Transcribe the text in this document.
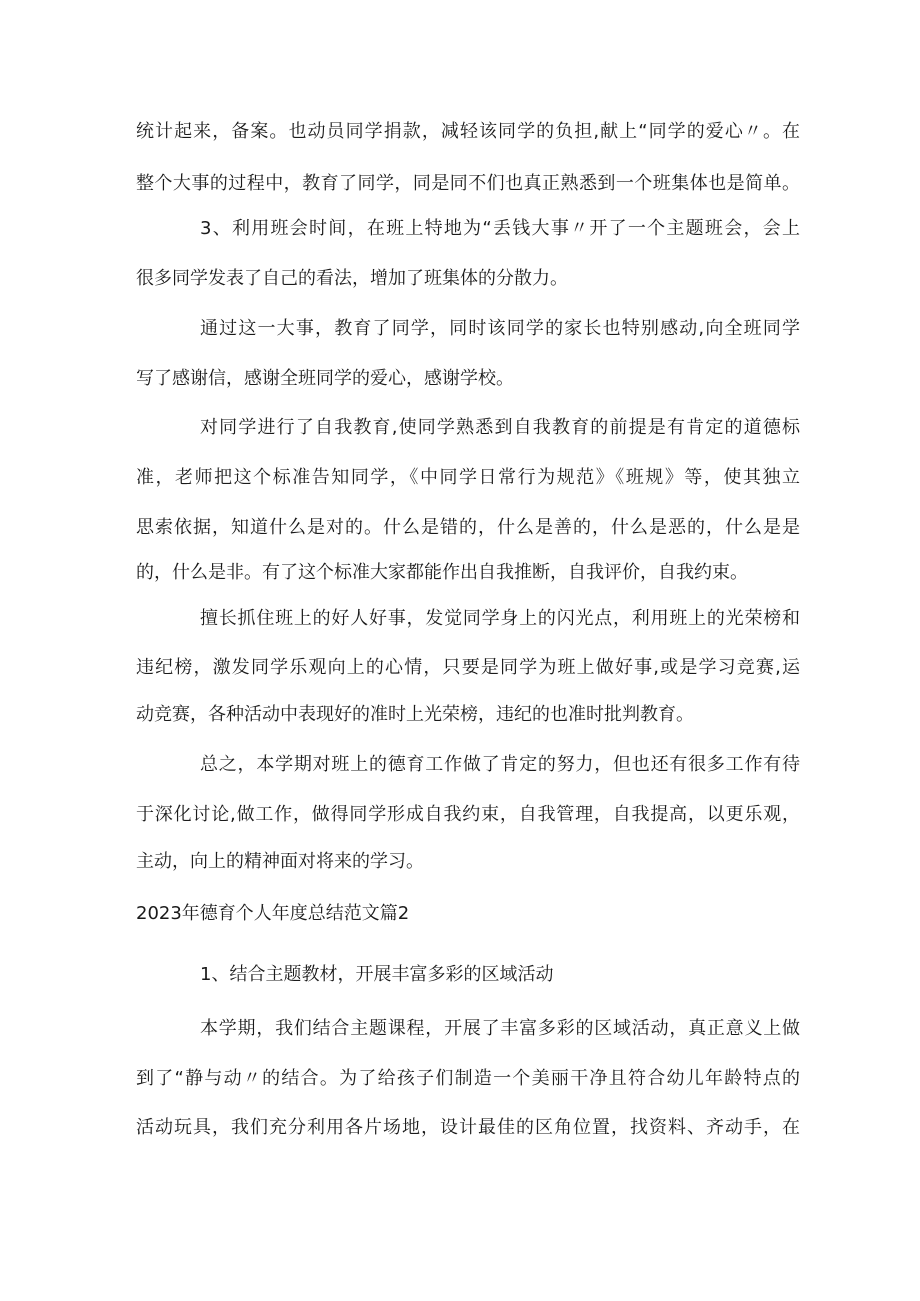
统计起来，备案。也动员同学捐款，减轻该同学的负担,献上“同学的爱心〃。在
整个大事的过程中，教育了同学，同是同不们也真正熟悉到一个班集体也是简单。
3、利用班会时间，在班上特地为“丢钱大事〃开了一个主题班会，会上
很多同学发表了自己的看法，增加了班集体的分散力。
通过这一大事，教育了同学，同时该同学的家长也特别感动,向全班同学
写了感谢信，感谢全班同学的爱心，感谢学校。
对同学进行了自我教育,使同学熟悉到自我教育的前提是有肯定的道德标
准，老师把这个标准告知同学，《中同学日常行为规范》《班规》等，使其独立
思索依据，知道什么是对的。什么是错的，什么是善的，什么是恶的，什么是是
的，什么是非。有了这个标准大家都能作出自我推断，自我评价，自我约束。
擅长抓住班上的好人好事，发觉同学身上的闪光点，利用班上的光荣榜和
违纪榜，激发同学乐观向上的心情，只要是同学为班上做好事,或是学习竞赛,运
动竞赛，各种活动中表现好的准时上光荣榜，违纪的也准时批判教育。
总之，本学期对班上的德育工作做了肯定的努力，但也还有很多工作有待
于深化讨论,做工作，做得同学形成自我约束，自我管理，自我提高，以更乐观，
主动，向上的精神面对将来的学习。
2023年德育个人年度总结范文篇2
1、结合主题教材，开展丰富多彩的区域活动
本学期，我们结合主题课程，开展了丰富多彩的区域活动，真正意义上做
到了“静与动〃的结合。为了给孩子们制造一个美丽干净且符合幼儿年龄特点的
活动玩具，我们充分利用各片场地，设计最佳的区角位置，找资料、齐动手，在
